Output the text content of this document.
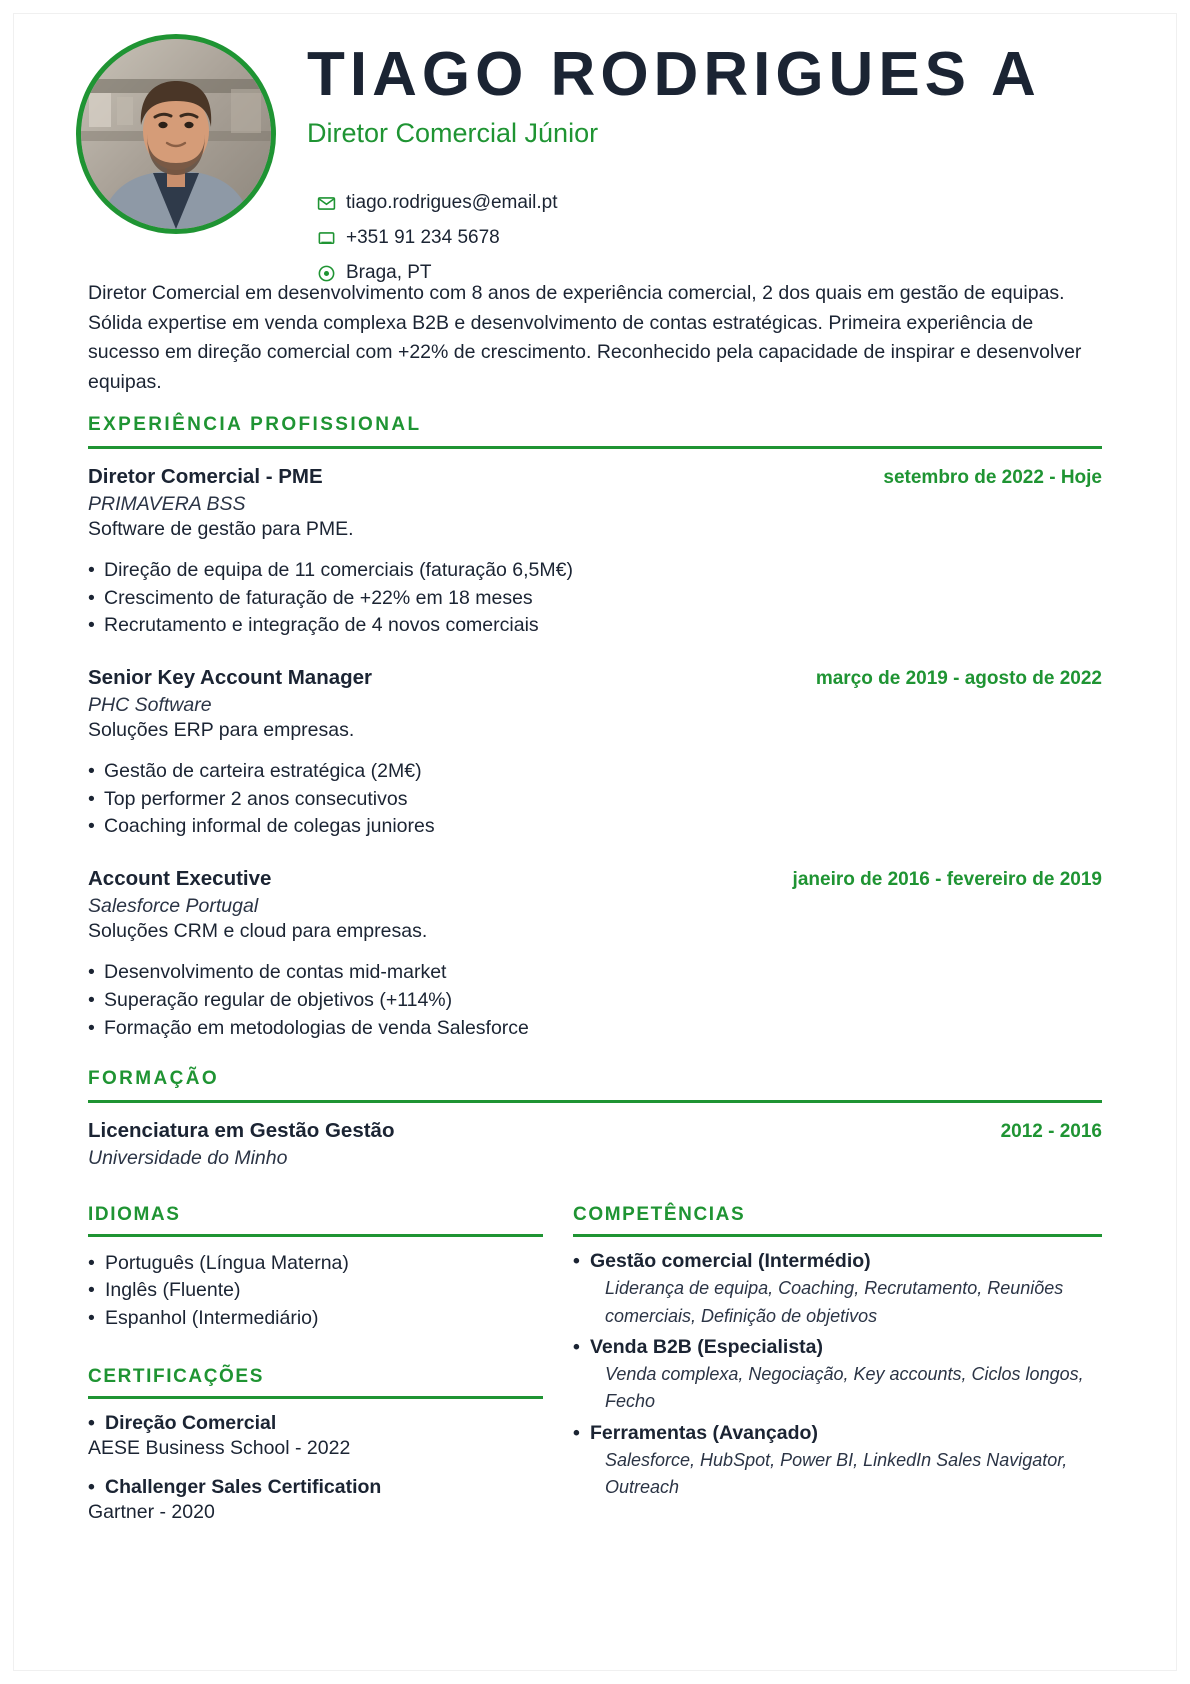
TIAGO RODRIGUES A
Diretor Comercial Júnior
tiago.rodrigues@email.pt
+351 91 234 5678
Braga, PT
Diretor Comercial em desenvolvimento com 8 anos de experiência comercial, 2 dos quais em gestão de equipas. Sólida expertise em venda complexa B2B e desenvolvimento de contas estratégicas. Primeira experiência de sucesso em direção comercial com +22% de crescimento. Reconhecido pela capacidade de inspirar e desenvolver equipas.
EXPERIÊNCIA PROFISSIONAL
Diretor Comercial - PME	setembro de 2022 - Hoje
PRIMAVERA BSS
Software de gestão para PME.
• Direção de equipa de 11 comerciais (faturação 6,5M€)
• Crescimento de faturação de +22% em 18 meses
• Recrutamento e integração de 4 novos comerciais
Senior Key Account Manager	março de 2019 - agosto de 2022
PHC Software
Soluções ERP para empresas.
• Gestão de carteira estratégica (2M€)
• Top performer 2 anos consecutivos
• Coaching informal de colegas juniores
Account Executive	janeiro de 2016 - fevereiro de 2019
Salesforce Portugal
Soluções CRM e cloud para empresas.
• Desenvolvimento de contas mid-market
• Superação regular de objetivos (+114%)
• Formação em metodologias de venda Salesforce
FORMAÇÃO
Licenciatura em Gestão Gestão	2012 - 2016
Universidade do Minho
IDIOMAS
• Português (Língua Materna)
• Inglês (Fluente)
• Espanhol (Intermediário)
CERTIFICAÇÕES
• Direção Comercial
AESE Business School - 2022
• Challenger Sales Certification
Gartner - 2020
COMPETÊNCIAS
• Gestão comercial (Intermédio)
Liderança de equipa, Coaching, Recrutamento, Reuniões comerciais, Definição de objetivos
• Venda B2B (Especialista)
Venda complexa, Negociação, Key accounts, Ciclos longos, Fecho
• Ferramentas (Avançado)
Salesforce, HubSpot, Power BI, LinkedIn Sales Navigator, Outreach
